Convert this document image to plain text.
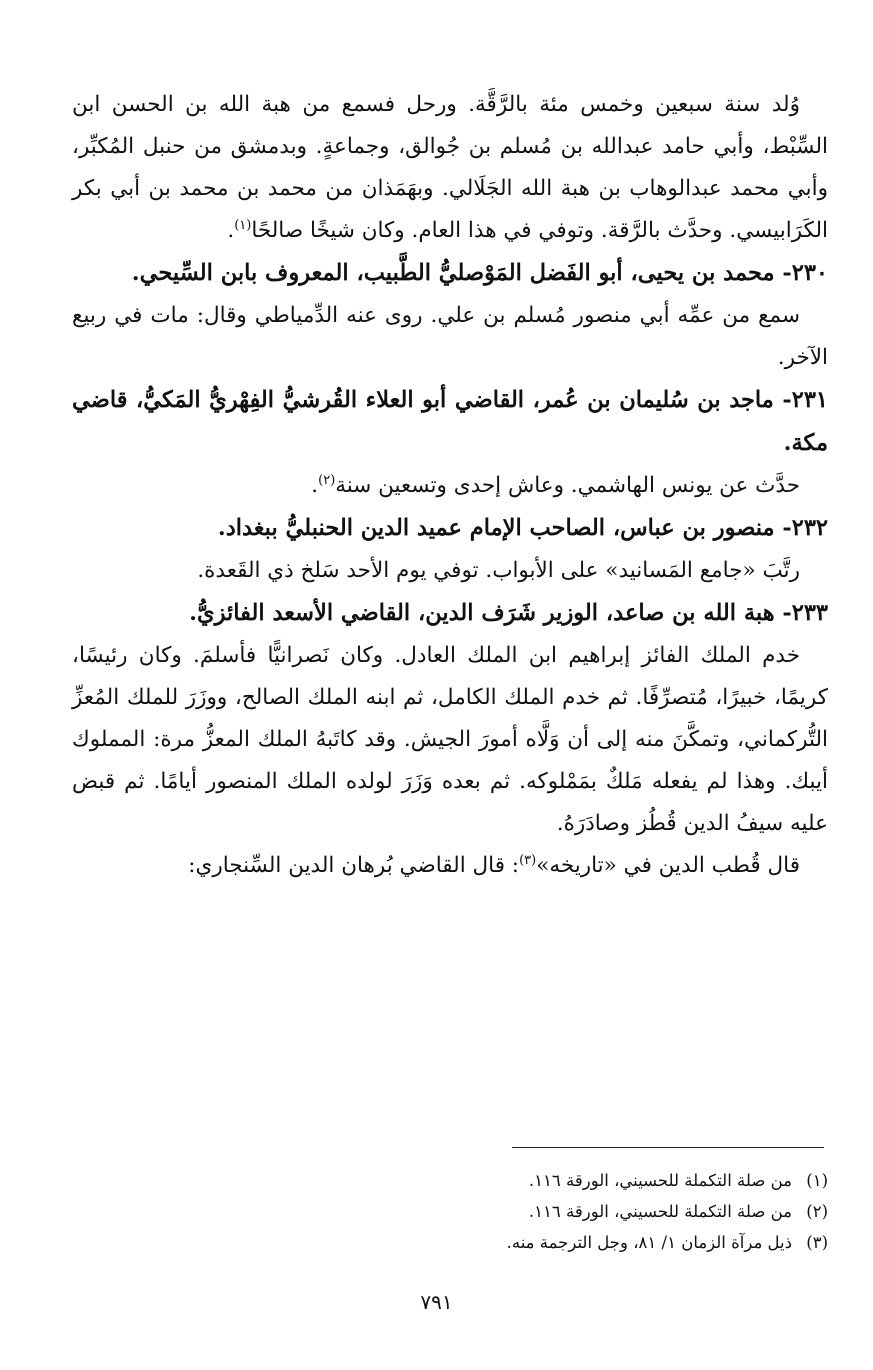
وُلد سنة سبعين وخمس مئة بالرَّقَّة. ورحل فسمع من هبة الله بن الحسن ابن السِّبْط، وأبي حامد عبدالله بن مُسلم بن جُوالق، وجماعةٍ. وبدمشق من حنبل المُكبِّر، وأبي محمد عبدالوهاب بن هبة الله الجَلَالي. وبهَمَذان من محمد بن محمد بن أبي بكر الكَرَابيسي. وحدَّث بالرَّقة. وتوفي في هذا العام. وكان شيخًا صالحًا$^{(١)}$.

٢٣٠- محمد بن يحيى، أبو الفَضل المَوْصليُّ الطَّبيب، المعروف بابن السِّيحي.

سمع من عمِّه أبي منصور مُسلم بن علي. روى عنه الدِّمياطي وقال: مات في ربيع الآخر.

٢٣١- ماجد بن سُليمان بن عُمر، القاضي أبو العلاء القُرشيُّ الفِهْريُّ المَكيُّ، قاضي مكة.

حدَّث عن يونس الهاشمي. وعاش إحدى وتسعين سنة$^{(٢)}$.

٢٣٢- منصور بن عباس، الصاحب الإمام عميد الدين الحنبليُّ ببغداد.

رتَّبَ «جامع المَسانيد» على الأبواب. توفي يوم الأحد سَلخ ذي القَعدة.

٢٣٣- هبة الله بن صاعد، الوزير شَرَف الدين، القاضي الأسعد الفائزيُّ.

خدم الملك الفائز إبراهيم ابن الملك العادل. وكان نَصرانيًّا فأسلمَ. وكان رئيسًا، كريمًا، خبيرًا، مُتصرِّفًا. ثم خدم الملك الكامل، ثم ابنه الملك الصالح، ووزَرَ للملك المُعزِّ التُّركماني، وتمكَّنَ منه إلى أن وَلَّاه أمورَ الجيش. وقد كاتَبهُ الملك المعزُّ مرة: المملوك أيبك. وهذا لم يفعله مَلكٌ بمَمْلوكه. ثم بعده وَزَرَ لولده الملك المنصور أيامًا. ثم قبض عليه سيفُ الدين قُطُز وصادَرَهُ.

قال قُطب الدين في «تاريخه»$^{(٣)}$: قال القاضي بُرهان الدين السِّنجاري:

(١)
من صلة التكملة للحسيني، الورقة ١١٦.
(٢)
من صلة التكملة للحسيني، الورقة ١١٦.
(٣)
ذيل مرآة الزمان ١/ ٨١، وجل الترجمة منه.
٧٩١
